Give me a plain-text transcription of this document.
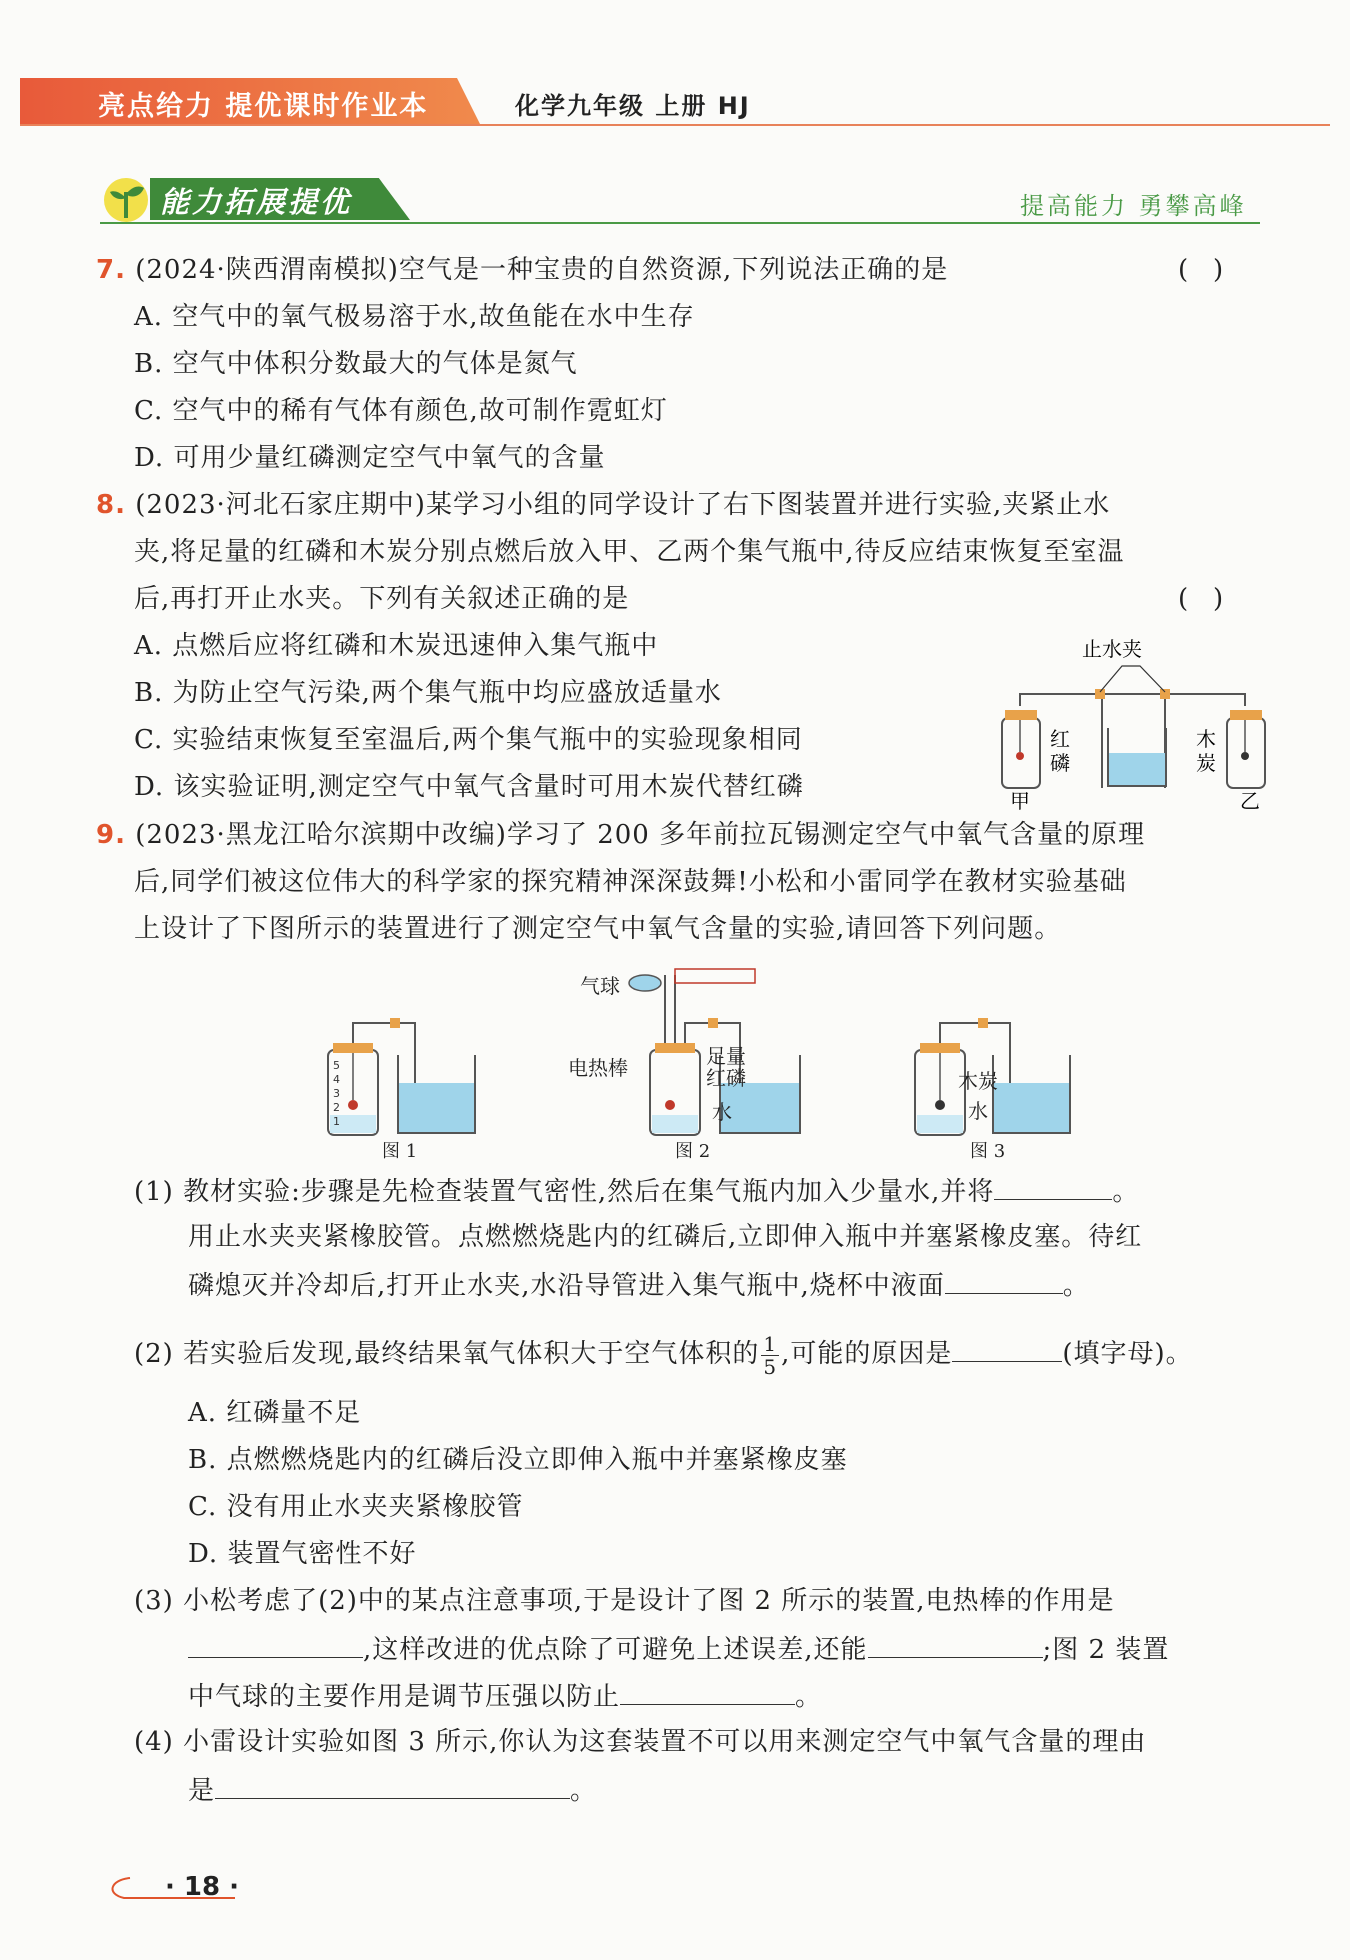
亮点给力 提优课时作业本	化学九年级 上册 HJ
能力拓展提优	提高能力 勇攀高峰
7. (2024·陕西渭南模拟)空气是一种宝贵的自然资源,下列说法正确的是	(   )
A. 空气中的氧气极易溶于水,故鱼能在水中生存
B. 空气中体积分数最大的气体是氮气
C. 空气中的稀有气体有颜色,故可制作霓虹灯
D. 可用少量红磷测定空气中氧气的含量
8. (2023·河北石家庄期中)某学习小组的同学设计了右下图装置并进行实验,夹紧止水
夹,将足量的红磷和木炭分别点燃后放入甲、乙两个集气瓶中,待反应结束恢复至室温
后,再打开止水夹。下列有关叙述正确的是	(   )
A. 点燃后应将红磷和木炭迅速伸入集气瓶中
B. 为防止空气污染,两个集气瓶中均应盛放适量水
C. 实验结束恢复至室温后,两个集气瓶中的实验现象相同
D. 该实验证明,测定空气中氧气含量时可用木炭代替红磷
止水夹
红
磷
木
炭
甲	乙
9. (2023·黑龙江哈尔滨期中改编)学习了 200 多年前拉瓦锡测定空气中氧气含量的原理
后,同学们被这位伟大的科学家的探究精神深深鼓舞!小松和小雷同学在教材实验基础
上设计了下图所示的装置进行了测定空气中氧气含量的实验,请回答下列问题。
5
4
3
2
1
气球
电热棒	足量
红磷
水
木炭
水
图 1	图 2	图 3
(1) 教材实验:步骤是先检查装置气密性,然后在集气瓶内加入少量水,并将	。
用止水夹夹紧橡胶管。点燃燃烧匙内的红磷后,立即伸入瓶中并塞紧橡皮塞。待红
磷熄灭并冷却后,打开止水夹,水沿导管进入集气瓶中,烧杯中液面	。
(2) 若实验后发现,最终结果氧气体积大于空气体积的 $\frac{1}{5}$ ,可能的原因是	(填字母)。
A. 红磷量不足
B. 点燃燃烧匙内的红磷后没立即伸入瓶中并塞紧橡皮塞
C. 没有用止水夹夹紧橡胶管
D. 装置气密性不好
(3) 小松考虑了(2)中的某点注意事项,于是设计了图 2 所示的装置,电热棒的作用是
,这样改进的优点除了可避免上述误差,还能	;图 2 装置
中气球的主要作用是调节压强以防止	。
(4) 小雷设计实验如图 3 所示,你认为这套装置不可以用来测定空气中氧气含量的理由
是	。
· 18 ·
